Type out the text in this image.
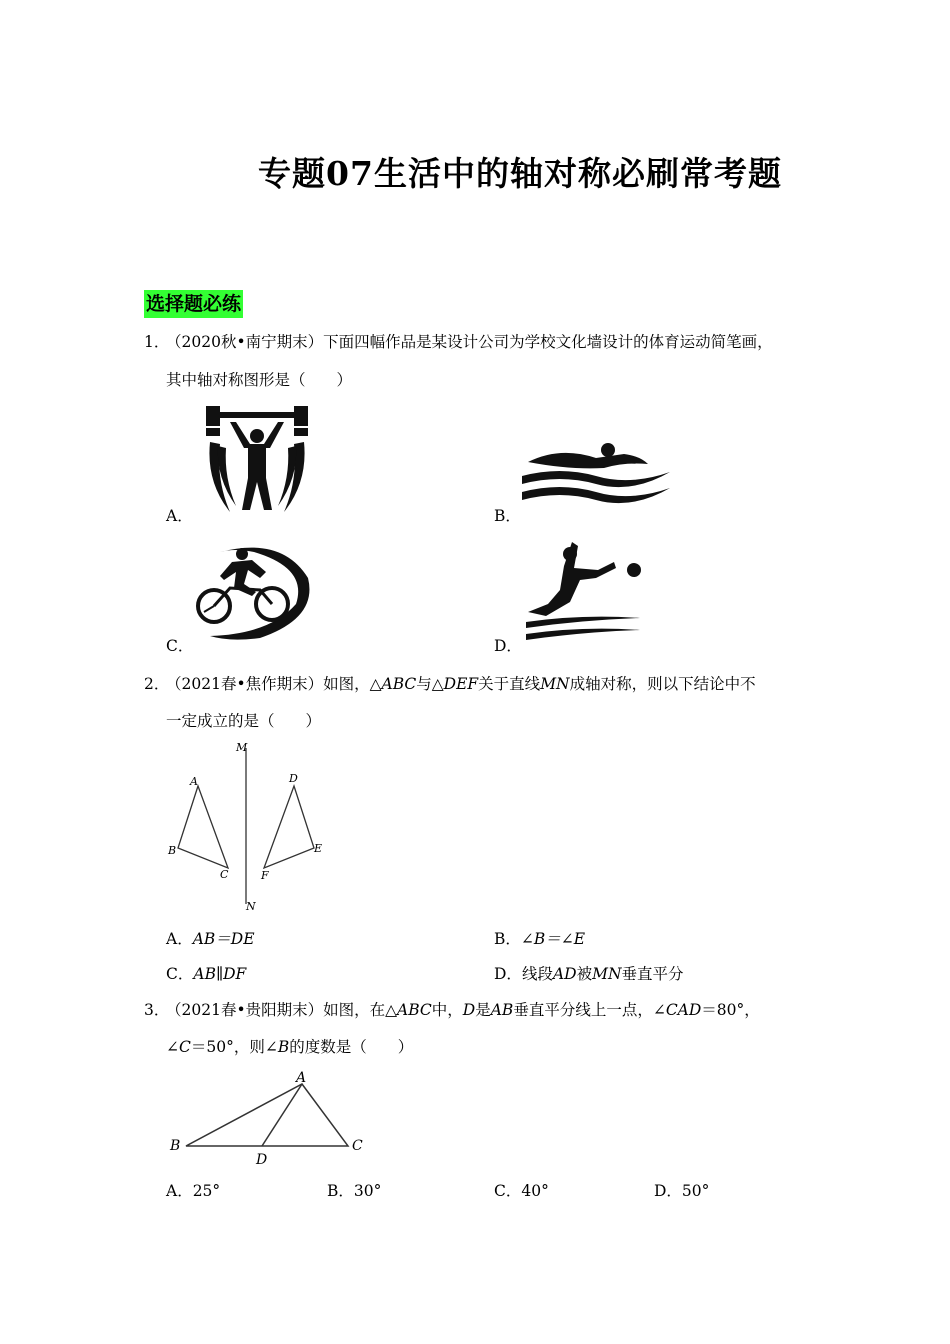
专题07生活中的轴对称必刷常考题
选择题必练
1．
（2020秋•南宁期末）下面四幅作品是某设计公司为学校文化墙设计的体育运动简笔画，
其中轴对称图形是（　　）
A．	B．
C．	D．
2．
（2021春•焦作期末）如图，△ABC与△DEF关于直线MN成轴对称，则以下结论中不
一定成立的是（　　）
M
N
A
B
C
D
E
F
A．AB＝DE	B．∠B＝∠E
C．AB∥DF	D．线段AD被MN垂直平分
3．
（2021春•贵阳期末）如图，在△ABC中，D是AB垂直平分线上一点，∠CAD＝80°，
∠C＝50°，则∠B的度数是（　　）
A
B	C
D
A．25°	B．30°	C．40°	D．50°
